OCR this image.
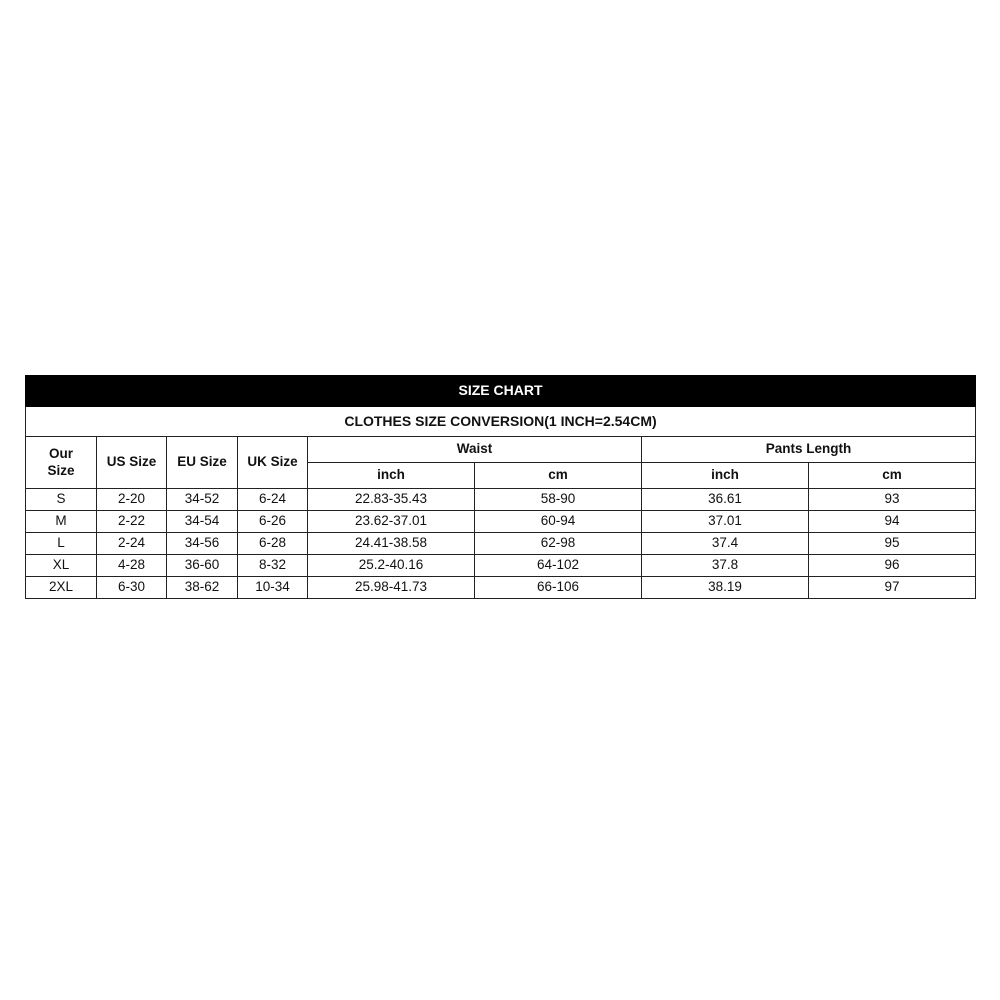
SIZE CHART							
CLOTHES SIZE CONVERSION(1 INCH=2.54CM)							

Our
Size	US Size	EU Size	UK Size	Waist		Pants Length	
				inch	cm	inch	cm
S	2-20	34-52	6-24	22.83-35.43	58-90	36.61	93
M	2-22	34-54	6-26	23.62-37.01	60-94	37.01	94
L	2-24	34-56	6-28	24.41-38.58	62-98	37.4	95
XL	4-28	36-60	8-32	25.2-40.16	64-102	37.8	96
2XL	6-30	38-62	10-34	25.98-41.73	66-106	38.19	97
